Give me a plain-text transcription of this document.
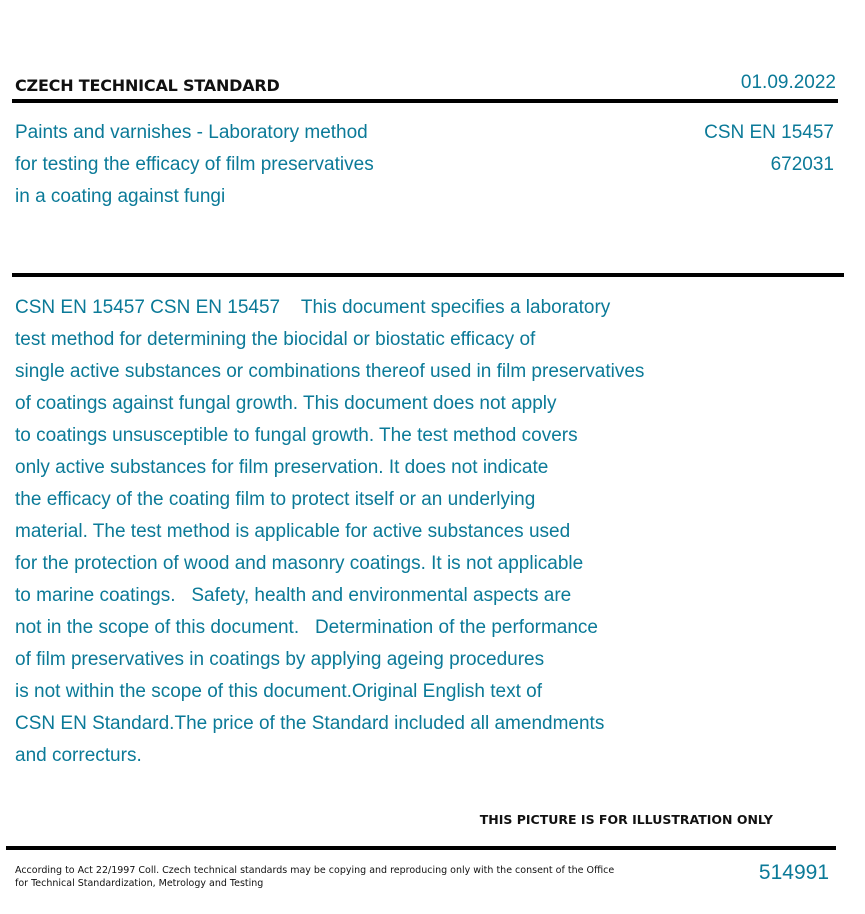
CZECH TECHNICAL STANDARD	01.09.2022
Paints and varnishes - Laboratory method
for testing the efficacy of film preservatives
in a coating against fungi
CSN EN 15457
672031
CSN EN 15457 CSN EN 15457    This document specifies a laboratory
test method for determining the biocidal or biostatic efficacy of
single active substances or combinations thereof used in film preservatives
of coatings against fungal growth. This document does not apply
to coatings unsusceptible to fungal growth. The test method covers
only active substances for film preservation. It does not indicate
the efficacy of the coating film to protect itself or an underlying
material. The test method is applicable for active substances used
for the protection of wood and masonry coatings. It is not applicable
to marine coatings.   Safety, health and environmental aspects are
not in the scope of this document.   Determination of the performance
of film preservatives in coatings by applying ageing procedures
is not within the scope of this document.Original English text of
CSN EN Standard.The price of the Standard included all amendments
and correcturs.
THIS PICTURE IS FOR ILLUSTRATION ONLY
According to Act 22/1997 Coll. Czech technical standards may be copying and reproducing only with the consent of the Office
for Technical Standardization, Metrology and Testing	514991
